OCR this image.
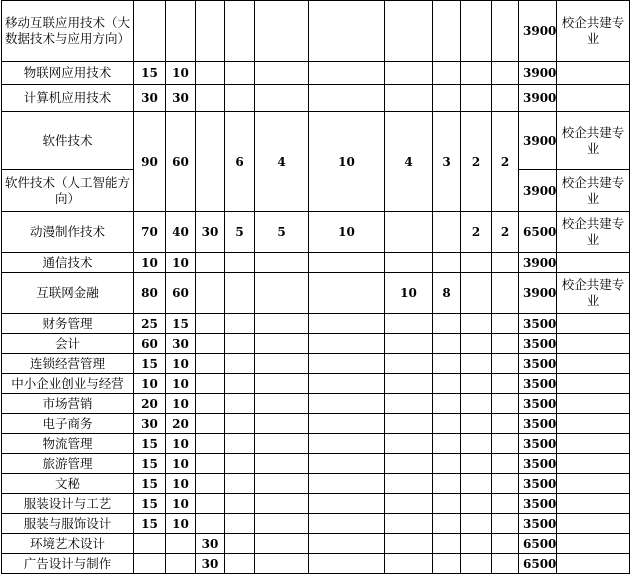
移动互联应用技术（大数据技术与应用方向）											3900	校企共建专业
物联网应用技术	15	10									3900	
计算机应用技术	30	30									3900	
软件技术	90	60		6	4	10	4	3	2	2	3900	校企共建专业
软件技术（人工智能方向）											3900	校企共建专业
动漫制作技术	70	40	30	5	5	10			2	2	6500	校企共建专业
通信技术	10	10									3900	
互联网金融	80	60					10	8			3900	校企共建专业
财务管理	25	15									3500	
会计	60	30									3500	
连锁经营管理	15	10									3500	
中小企业创业与经营	10	10									3500	
市场营销	20	10									3500	
电子商务	30	20									3500	
物流管理	15	10									3500	
旅游管理	15	10									3500	
文秘	15	10									3500	
服装设计与工艺	15	10									3500	
服装与服饰设计	15	10									3500	
环境艺术设计			30								6500	
广告设计与制作			30								6500	
